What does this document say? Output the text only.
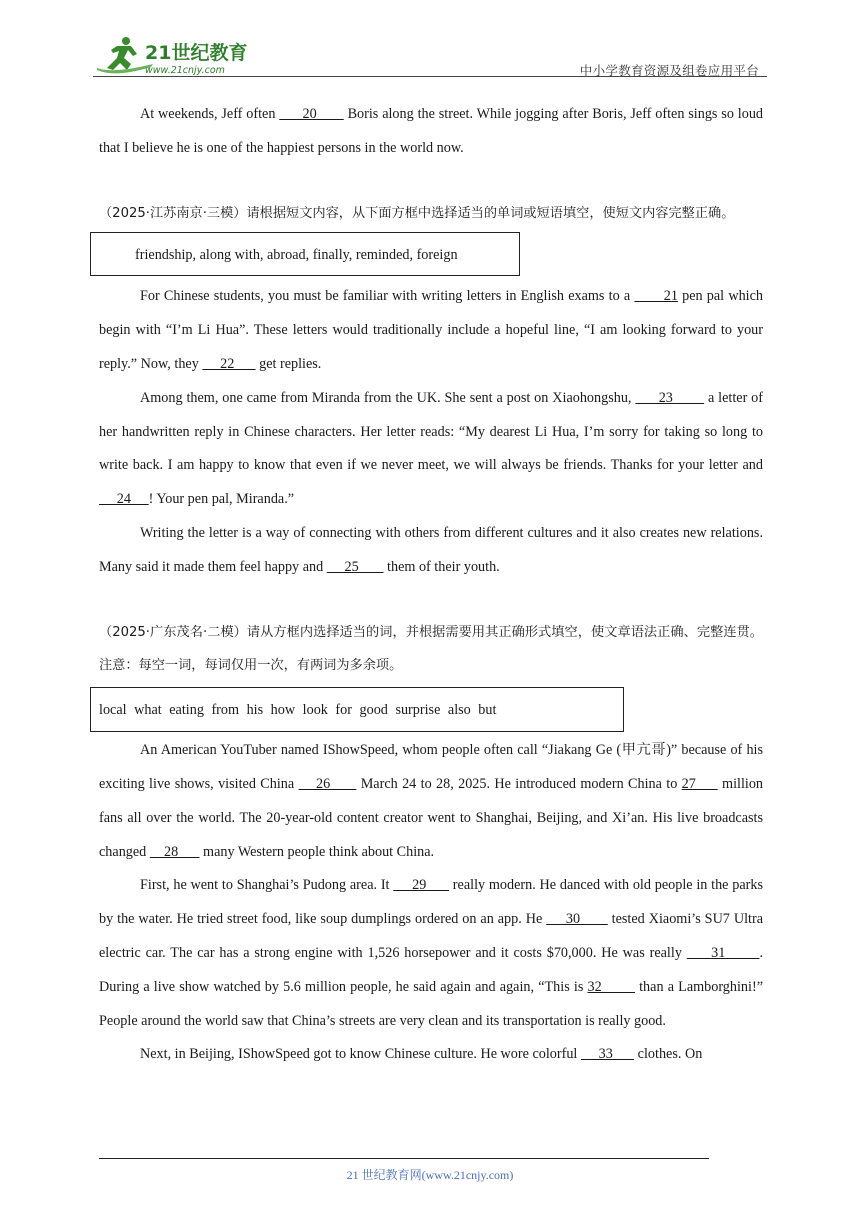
21世纪教育
www.21cnjy.com	中小学教育资源及组卷应用平台

At weekends, Jeff often       20        Boris along the street. While jogging after Boris, Jeff often sings so loud that I believe he is one of the happiest persons in the world now.

（2025·江苏南京·三模）请根据短文内容，从下面方框中选择适当的单词或短语填空，使短文内容完整正确。

friendship, along with, abroad, finally, reminded, foreign

For Chinese students, you must be familiar with writing letters in English exams to a        21 pen pal which begin with “I’m Li Hua”. These letters would traditionally include a hopeful line, “I am looking forward to your reply.” Now, they      22       get replies.

Among them, one came from Miranda from the UK. She sent a post on Xiaohongshu,       23         a letter of her handwritten reply in Chinese characters. Her letter reads: “My dearest Li Hua, I’m sorry for taking so long to write back. I am happy to know that even if we never meet, we will always be friends. Thanks for your letter and      24     ! Your pen pal, Miranda.”

Writing the letter is a way of connecting with others from different cultures and it also creates new relations. Many said it made them feel happy and      25        them of their youth.

（2025·广东茂名·二模）请从方框内选择适当的词，并根据需要用其正确形式填空，使文章语法正确、完整连贯。注意：每空一词，每词仅用一次，有两词为多余项。

local what eating from his how look for good surprise also but

An American YouTuber named IShowSpeed, whom people often call “Jiakang Ge (甲亢哥)” because of his exciting live shows, visited China     26       March 24 to 28, 2025. He introduced modern China to 27      million fans all over the world. The 20-year-old content creator went to Shanghai, Beijing, and Xi’an. His live broadcasts changed     28       many Western people think about China.

First, he went to Shanghai’s Pudong area. It      29       really modern. He danced with old people in the parks by the water. He tried street food, like soup dumplings ordered on an app. He      30        tested Xiaomi’s SU7 Ultra electric car. The car has a strong engine with 1,526 horsepower and it costs $70,000. He was really      31       . During a live show watched by 5.6 million people, he said again and again, “This is 32         than a Lamborghini!” People around the world saw that China’s streets are very clean and its transportation is really good.

Next, in Beijing, IShowSpeed got to know Chinese culture. He wore colorful      33       clothes. On

21 世纪教育网(www.21cnjy.com)
